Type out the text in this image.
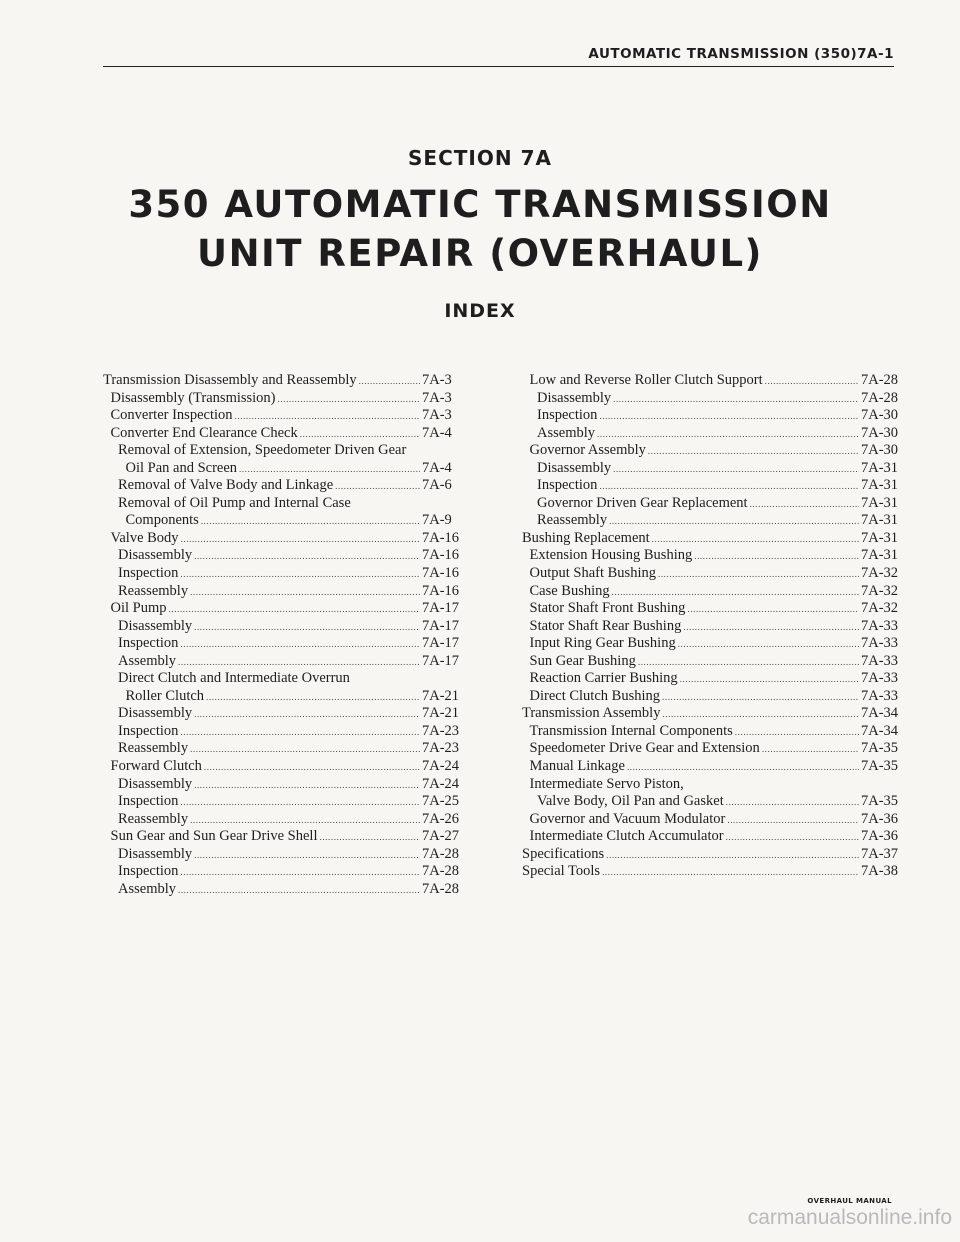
AUTOMATIC TRANSMISSION (350)7A-1
SECTION 7A
350 AUTOMATIC TRANSMISSION
UNIT REPAIR (OVERHAUL)
INDEX
Transmission Disassembly and Reassembly .....	7A-3
Disassembly (Transmission) .....	7A-3
Converter Inspection .....	7A-3
Converter End Clearance Check .....	7A-4
Removal of Extension, Speedometer Driven Gear
Oil Pan and Screen .....	7A-4
Removal of Valve Body and Linkage .....	7A-6
Removal of Oil Pump and Internal Case
Components .....	7A-9
Valve Body .....	7A-16
Disassembly .....	7A-16
Inspection .....	7A-16
Reassembly .....	7A-16
Oil Pump .....	7A-17
Disassembly .....	7A-17
Inspection .....	7A-17
Assembly .....	7A-17
Direct Clutch and Intermediate Overrun
Roller Clutch .....	7A-21
Disassembly .....	7A-21
Inspection .....	7A-23
Reassembly .....	7A-23
Forward Clutch .....	7A-24
Disassembly .....	7A-24
Inspection .....	7A-25
Reassembly .....	7A-26
Sun Gear and Sun Gear Drive Shell .....	7A-27
Disassembly .....	7A-28
Inspection .....	7A-28
Assembly .....	7A-28
Low and Reverse Roller Clutch Support .....	7A-28
Disassembly .....	7A-28
Inspection .....	7A-30
Assembly .....	7A-30
Governor Assembly .....	7A-30
Disassembly .....	7A-31
Inspection .....	7A-31
Governor Driven Gear Replacement .....	7A-31
Reassembly .....	7A-31
Bushing Replacement .....	7A-31
Extension Housing Bushing .....	7A-31
Output Shaft Bushing .....	7A-32
Case Bushing .....	7A-32
Stator Shaft Front Bushing .....	7A-32
Stator Shaft Rear Bushing .....	7A-33
Input Ring Gear Bushing .....	7A-33
Sun Gear Bushing .....	7A-33
Reaction Carrier Bushing .....	7A-33
Direct Clutch Bushing .....	7A-33
Transmission Assembly .....	7A-34
Transmission Internal Components .....	7A-34
Speedometer Drive Gear and Extension .....	7A-35
Manual Linkage .....	7A-35
Intermediate Servo Piston,
Valve Body, Oil Pan and Gasket .....	7A-35
Governor and Vacuum Modulator .....	7A-36
Intermediate Clutch Accumulator .....	7A-36
Specifications .....	7A-37
Special Tools .....	7A-38
OVERHAUL MANUAL
carmanualsonline.info
